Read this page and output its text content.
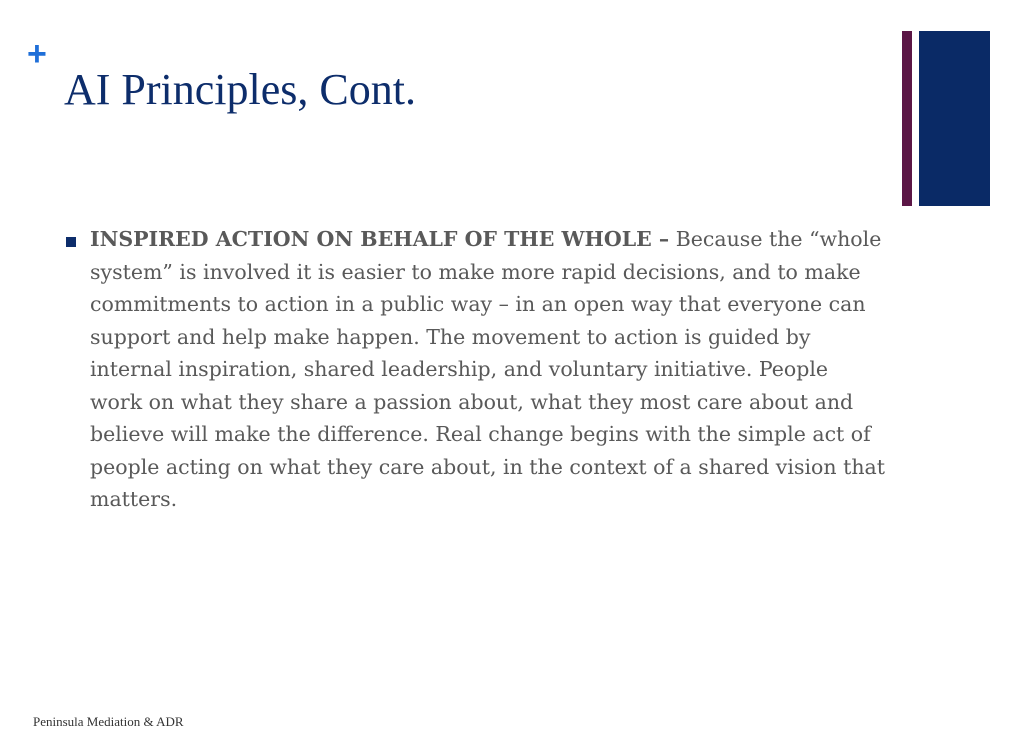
+
AI Principles, Cont.

INSPIRED ACTION ON BEHALF OF THE WHOLE – Because the “whole system” is involved it is easier to make more rapid decisions, and to make commitments to action in a public way – in an open way that everyone can support and help make happen. The movement to action is guided by internal inspiration, shared leadership, and voluntary initiative. People work on what they share a passion about, what they most care about and believe will make the difference. Real change begins with the simple act of people acting on what they care about, in the context of a shared vision that matters.

Peninsula Mediation & ADR
